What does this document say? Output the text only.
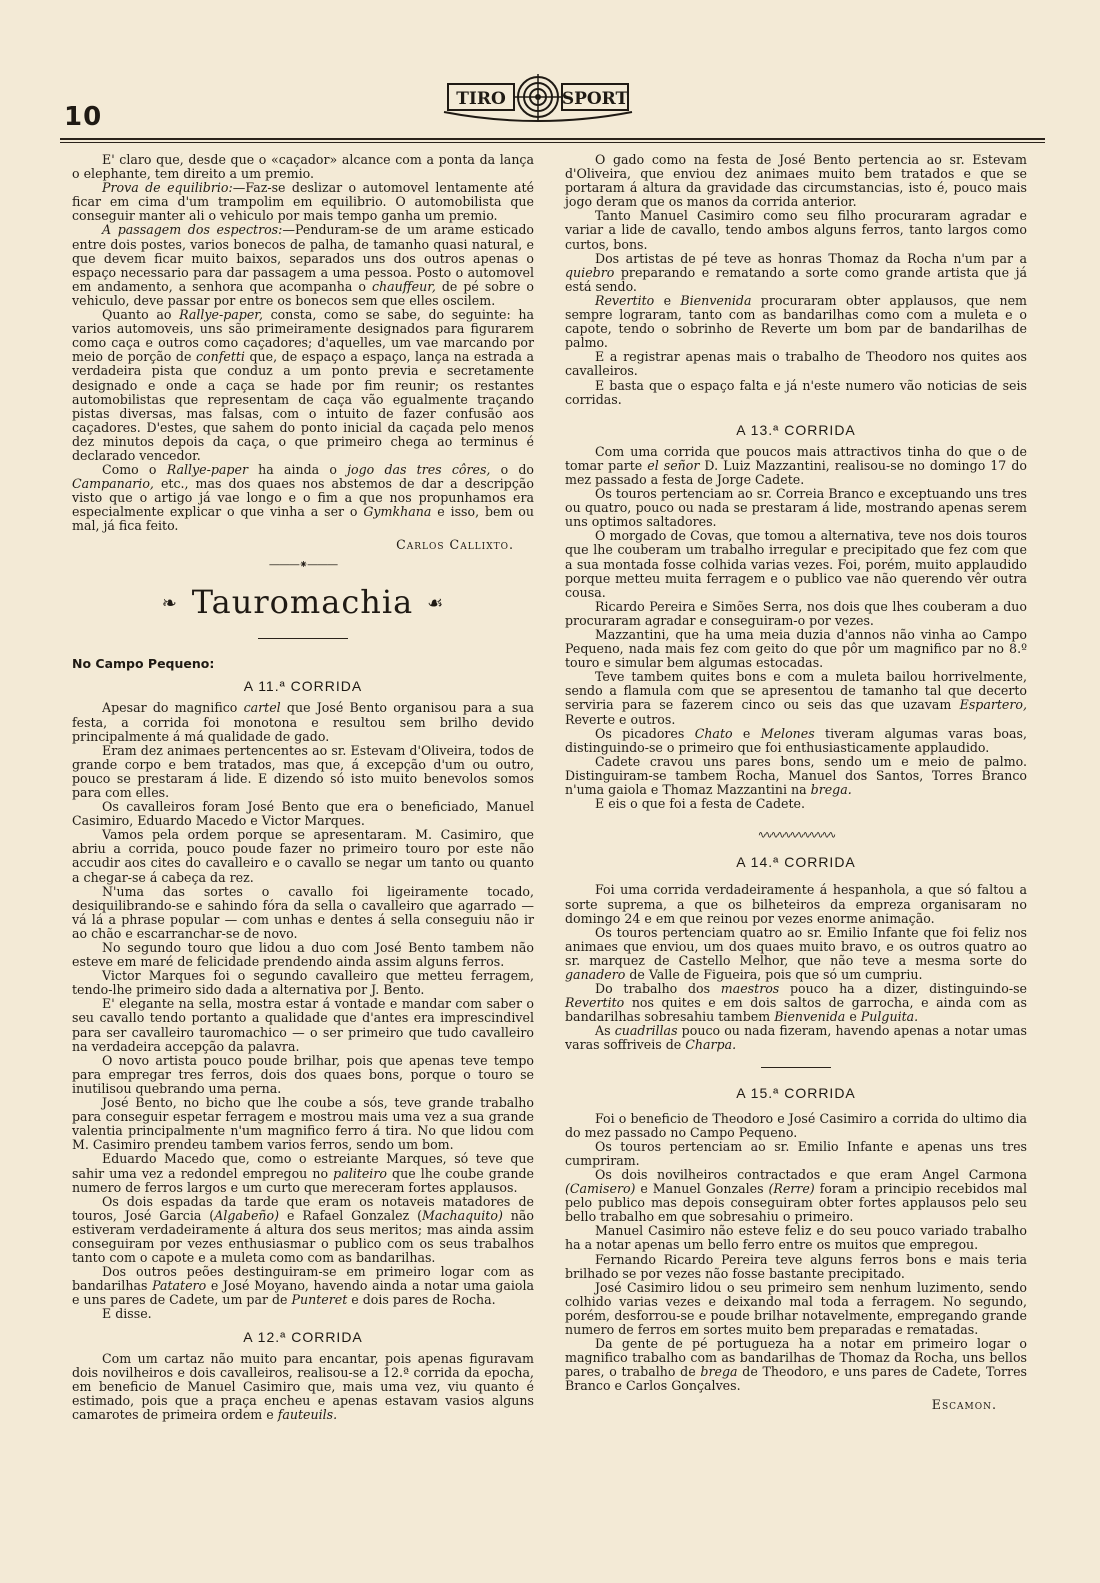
10
TIRO	SPORT

E' claro que, desde que o «caçador» alcance com a ponta da lança o elephante, tem direito a um premio.

Prova de equilibrio:—Faz-se deslizar o automovel lentamente até ficar em cima d'um trampolim em equilibrio. O automobilista que conseguir manter ali o vehiculo por mais tempo ganha um premio.

A passagem dos espectros:—Penduram-se de um arame esticado entre dois postes, varios bonecos de palha, de tamanho quasi natural, e que devem ficar muito baixos, separados uns dos outros apenas o espaço necessario para dar passagem a uma pessoa. Posto o automovel em andamento, a senhora que acompanha o chauffeur, de pé sobre o vehiculo, deve passar por entre os bonecos sem que elles oscilem.

Quanto ao Rallye-paper, consta, como se sabe, do seguinte: ha varios automoveis, uns são primeiramente designados para figurarem como caça e outros como caçadores; d'aquelles, um vae marcando por meio de porção de confetti que, de espaço a espaço, lança na estrada a verdadeira pista que conduz a um ponto previa e secretamente designado e onde a caça se hade por fim reunir; os restantes automobilistas que representam de caça vão egualmente traçando pistas diversas, mas falsas, com o intuito de fazer confusão aos caçadores. D'estes, que sahem do ponto inicial da caçada pelo menos dez minutos depois da caça, o que primeiro chega ao terminus é declarado vencedor.

Como o Rallye-paper ha ainda o jogo das tres côres, o do Campanario, etc., mas dos quaes nos abstemos de dar a descripção visto que o artigo já vae longo e o fim a que nos propunhamos era especialmente explicar o que vinha a ser o Gymkhana e isso, bem ou mal, já fica feito.

Carlos Callixto.
———⁕———
❧ Tauromachia ☙
No Campo Pequeno:
A 11.ª CORRIDA

Apesar do magnifico cartel que José Bento organisou para a sua festa, a corrida foi monotona e resultou sem brilho devido principalmente á má qualidade de gado.

Eram dez animaes pertencentes ao sr. Estevam d'Oliveira, todos de grande corpo e bem tratados, mas que, á excepção d'um ou outro, pouco se prestaram á lide. E dizendo só isto muito benevolos somos para com elles.

Os cavalleiros foram José Bento que era o beneficiado, Manuel Casimiro, Eduardo Macedo e Victor Marques.

Vamos pela ordem porque se apresentaram. M. Casimiro, que abriu a corrida, pouco poude fazer no primeiro touro por este não accudir aos cites do cavalleiro e o cavallo se negar um tanto ou quanto a chegar-se á cabeça da rez.

N'uma das sortes o cavallo foi ligeiramente tocado, desiquilibrando-se e sahindo fóra da sella o cavalleiro que agarrado — vá lá a phrase popular — com unhas e dentes á sella conseguiu não ir ao chão e escarranchar-se de novo.

No segundo touro que lidou a duo com José Bento tambem não esteve em maré de felicidade prendendo ainda assim alguns ferros.

Victor Marques foi o segundo cavalleiro que metteu ferragem, tendo-lhe primeiro sido dada a alternativa por J. Bento.

E' elegante na sella, mostra estar á vontade e mandar com saber o seu cavallo tendo portanto a qualidade que d'antes era imprescindivel para ser cavalleiro tauromachico — o ser primeiro que tudo cavalleiro na verdadeira accepção da palavra.

O novo artista pouco poude brilhar, pois que apenas teve tempo para empregar tres ferros, dois dos quaes bons, porque o touro se inutilisou quebrando uma perna.

José Bento, no bicho que lhe coube a sós, teve grande trabalho para conseguir espetar ferragem e mostrou mais uma vez a sua grande valentia principalmente n'um magnifico ferro á tira. No que lidou com M. Casimiro prendeu tambem varios ferros, sendo um bom.

Eduardo Macedo que, como o estreiante Marques, só teve que sahir uma vez a redondel empregou no paliteiro que lhe coube grande numero de ferros largos e um curto que mereceram fortes applausos.

Os dois espadas da tarde que eram os notaveis matadores de touros, José Garcia (Algabeño) e Rafael Gonzalez (Machaquito) não estiveram verdadeiramente á altura dos seus meritos; mas ainda assim conseguiram por vezes enthusiasmar o publico com os seus trabalhos tanto com o capote e a muleta como com as bandarilhas.

Dos outros peões destinguiram-se em primeiro logar com as bandarilhas Patatero e José Moyano, havendo ainda a notar uma gaiola e uns pares de Cadete, um par de Punteret e dois pares de Rocha.

E disse.

A 12.ª CORRIDA

Com um cartaz não muito para encantar, pois apenas figuravam dois novilheiros e dois cavalleiros, realisou-se a 12.ª corrida da epocha, em beneficio de Manuel Casimiro que, mais uma vez, viu quanto é estimado, pois que a praça encheu e apenas estavam vasios alguns camarotes de primeira ordem e fauteuils.

O gado como na festa de José Bento pertencia ao sr. Estevam d'Oliveira, que enviou dez animaes muito bem tratados e que se portaram á altura da gravidade das circumstancias, isto é, pouco mais jogo deram que os manos da corrida anterior.

Tanto Manuel Casimiro como seu filho procuraram agradar e variar a lide de cavallo, tendo ambos alguns ferros, tanto largos como curtos, bons.

Dos artistas de pé teve as honras Thomaz da Rocha n'um par a quiebro preparando e rematando a sorte como grande artista que já está sendo.

Revertito e Bienvenida procuraram obter applausos, que nem sempre lograram, tanto com as bandarilhas como com a muleta e o capote, tendo o sobrinho de Reverte um bom par de bandarilhas de palmo.

E a registrar apenas mais o trabalho de Theodoro nos quites aos cavalleiros.

E basta que o espaço falta e já n'este numero vão noticias de seis corridas.

A 13.ª CORRIDA

Com uma corrida que poucos mais attractivos tinha do que o de tomar parte el señor D. Luiz Mazzantini, realisou-se no domingo 17 do mez passado a festa de Jorge Cadete.

Os touros pertenciam ao sr. Correia Branco e exceptuando uns tres ou quatro, pouco ou nada se prestaram á lide, mostrando apenas serem uns optimos saltadores.

O morgado de Covas, que tomou a alternativa, teve nos dois touros que lhe couberam um trabalho irregular e precipitado que fez com que a sua montada fosse colhida varias vezes. Foi, porém, muito applaudido porque metteu muita ferragem e o publico vae não querendo vêr outra cousa.

Ricardo Pereira e Simões Serra, nos dois que lhes couberam a duo procuraram agradar e conseguiram-o por vezes.

Mazzantini, que ha uma meia duzia d'annos não vinha ao Campo Pequeno, nada mais fez com geito do que pôr um magnifico par no 8.º touro e simular bem algumas estocadas.

Teve tambem quites bons e com a muleta bailou horrivelmente, sendo a flamula com que se apresentou de tamanho tal que decerto serviria para se fazerem cinco ou seis das que uzavam Espartero, Reverte e outros.

Os picadores Chato e Melones tiveram algumas varas boas, distinguindo-se o primeiro que foi enthusiasticamente applaudido.

Cadete cravou uns pares bons, sendo um e meio de palmo. Distinguiram-se tambem Rocha, Manuel dos Santos, Torres Branco n'uma gaiola e Thomaz Mazzantini na brega.

E eis o que foi a festa de Cadete.

∿∿∿∿∿∿∿∿∿∿∿∿
A 14.ª CORRIDA

Foi uma corrida verdadeiramente á hespanhola, a que só faltou a sorte suprema, a que os bilheteiros da empreza organisaram no domingo 24 e em que reinou por vezes enorme animação.

Os touros pertenciam quatro ao sr. Emilio Infante que foi feliz nos animaes que enviou, um dos quaes muito bravo, e os outros quatro ao sr. marquez de Castello Melhor, que não teve a mesma sorte do ganadero de Valle de Figueira, pois que só um cumpriu.

Do trabalho dos maestros pouco ha a dizer, distinguindo-se Revertito nos quites e em dois saltos de garrocha, e ainda com as bandarilhas sobresahiu tambem Bienvenida e Pulguita.

As cuadrillas pouco ou nada fizeram, havendo apenas a notar umas varas soffriveis de Charpa.

A 15.ª CORRIDA

Foi o beneficio de Theodoro e José Casimiro a corrida do ultimo dia do mez passado no Campo Pequeno.

Os touros pertenciam ao sr. Emilio Infante e apenas uns tres cumpriram.

Os dois novilheiros contractados e que eram Angel Carmona (Camisero) e Manuel Gonzales (Rerre) foram a principio recebidos mal pelo publico mas depois conseguiram obter fortes applausos pelo seu bello trabalho em que sobresahiu o primeiro.

Manuel Casimiro não esteve feliz e do seu pouco variado trabalho ha a notar apenas um bello ferro entre os muitos que empregou.

Fernando Ricardo Pereira teve alguns ferros bons e mais teria brilhado se por vezes não fosse bastante precipitado.

José Casimiro lidou o seu primeiro sem nenhum luzimento, sendo colhido varias vezes e deixando mal toda a ferragem. No segundo, porém, desforrou-se e poude brilhar notavelmente, empregando grande numero de ferros em sortes muito bem preparadas e rematadas.

Da gente de pé portugueza ha a notar em primeiro logar o magnifico trabalho com as bandarilhas de Thomaz da Rocha, uns bellos pares, o trabalho de brega de Theodoro, e uns pares de Cadete, Torres Branco e Carlos Gonçalves.

Escamon.
